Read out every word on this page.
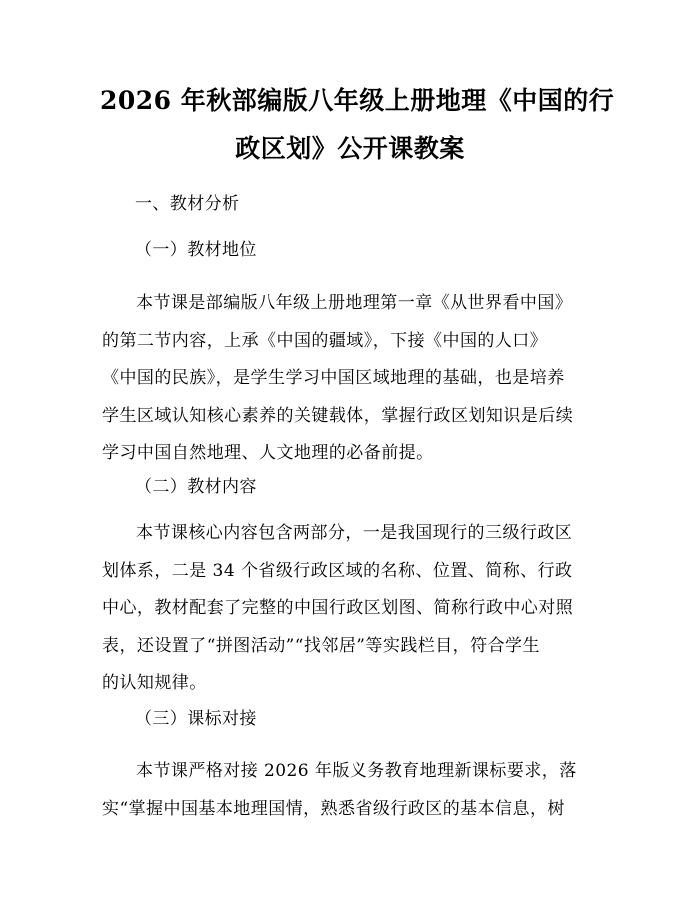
2026 年秋部编版八年级上册地理《中国的行
政区划》公开课教案
一、教材分析
（一）教材地位
本节课是部编版八年级上册地理第一章《从世界看中国》
的第二节内容，上承《中国的疆域》，下接《中国的人口》
《中国的民族》，是学生学习中国区域地理的基础，也是培养
学生区域认知核心素养的关键载体，掌握行政区划知识是后续
学习中国自然地理、人文地理的必备前提。
（二）教材内容
本节课核心内容包含两部分，一是我国现行的三级行政区
划体系，二是 34 个省级行政区域的名称、位置、简称、行政
中心，教材配套了完整的中国行政区划图、简称行政中心对照
表，还设置了“拼图活动”“找邻居”等实践栏目，符合学生
的认知规律。
（三）课标对接
本节课严格对接 2026 年版义务教育地理新课标要求，落
实“掌握中国基本地理国情，熟悉省级行政区的基本信息，树
